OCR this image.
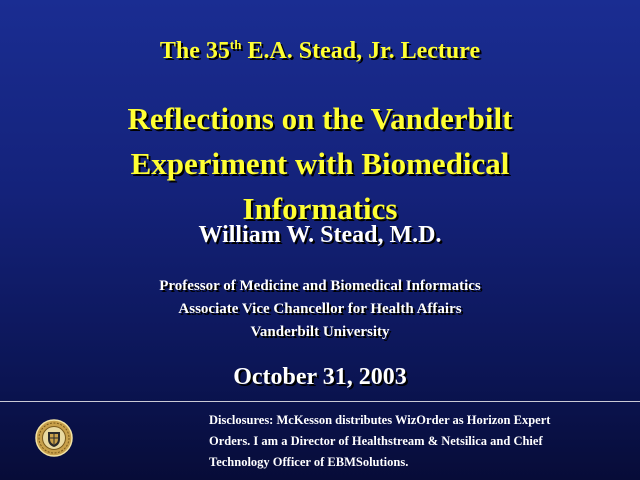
The 35th E.A. Stead, Jr. Lecture
Reflections on the Vanderbilt
Experiment with Biomedical
Informatics
William W. Stead, M.D.
Professor of Medicine and Biomedical Informatics
Associate Vice Chancellor for Health Affairs
Vanderbilt University
October 31, 2003
Disclosures: McKesson distributes WizOrder as Horizon Expert
Orders. I am a Director of Healthstream & Netsilica and Chief
Technology Officer of EBMSolutions.
